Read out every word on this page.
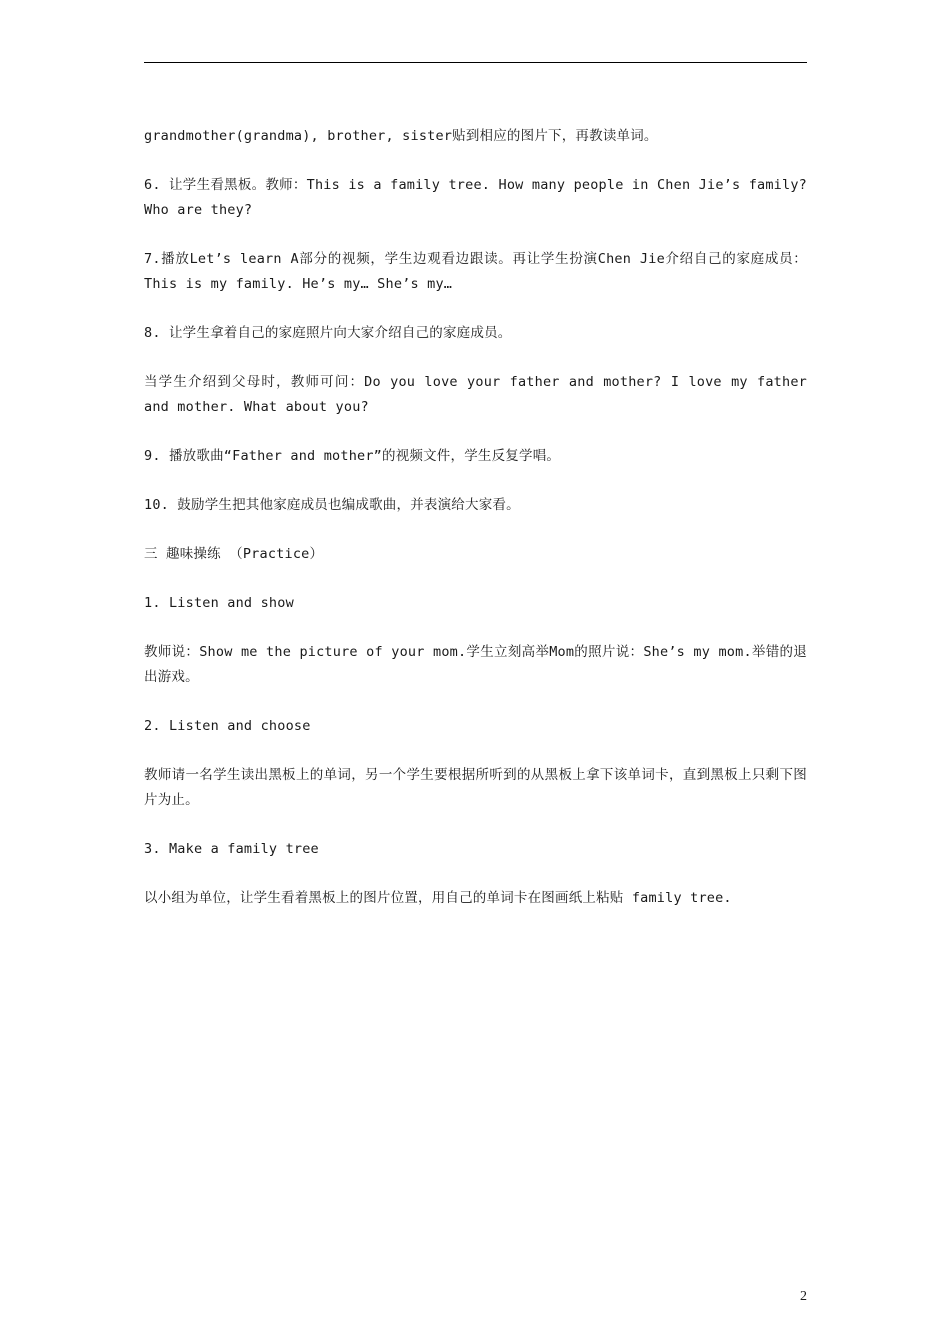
grandmother(grandma), brother, sister贴到相应的图片下，再教读单词。

6. 让学生看黑板。教师：This is a family tree. How many people in Chen Jie’s family? Who are they?

7.播放Let’s learn A部分的视频，学生边观看边跟读。再让学生扮演Chen Jie介绍自己的家庭成员：This is my family. He’s my… She’s my…

8. 让学生拿着自己的家庭照片向大家介绍自己的家庭成员。

当学生介绍到父母时，教师可问：Do you love your father and mother? I love my father and mother. What about you?

9. 播放歌曲“Father and mother”的视频文件，学生反复学唱。

10. 鼓励学生把其他家庭成员也编成歌曲，并表演给大家看。

三 趣味操练 （Practice）

1. Listen and show

教师说：Show me the picture of your mom.学生立刻高举Mom的照片说：She’s my mom.举错的退出游戏。

2. Listen and choose

教师请一名学生读出黑板上的单词，另一个学生要根据所听到的从黑板上拿下该单词卡，直到黑板上只剩下图片为止。

3. Make a family tree

以小组为单位，让学生看着黑板上的图片位置，用自己的单词卡在图画纸上粘贴 family tree.

2
